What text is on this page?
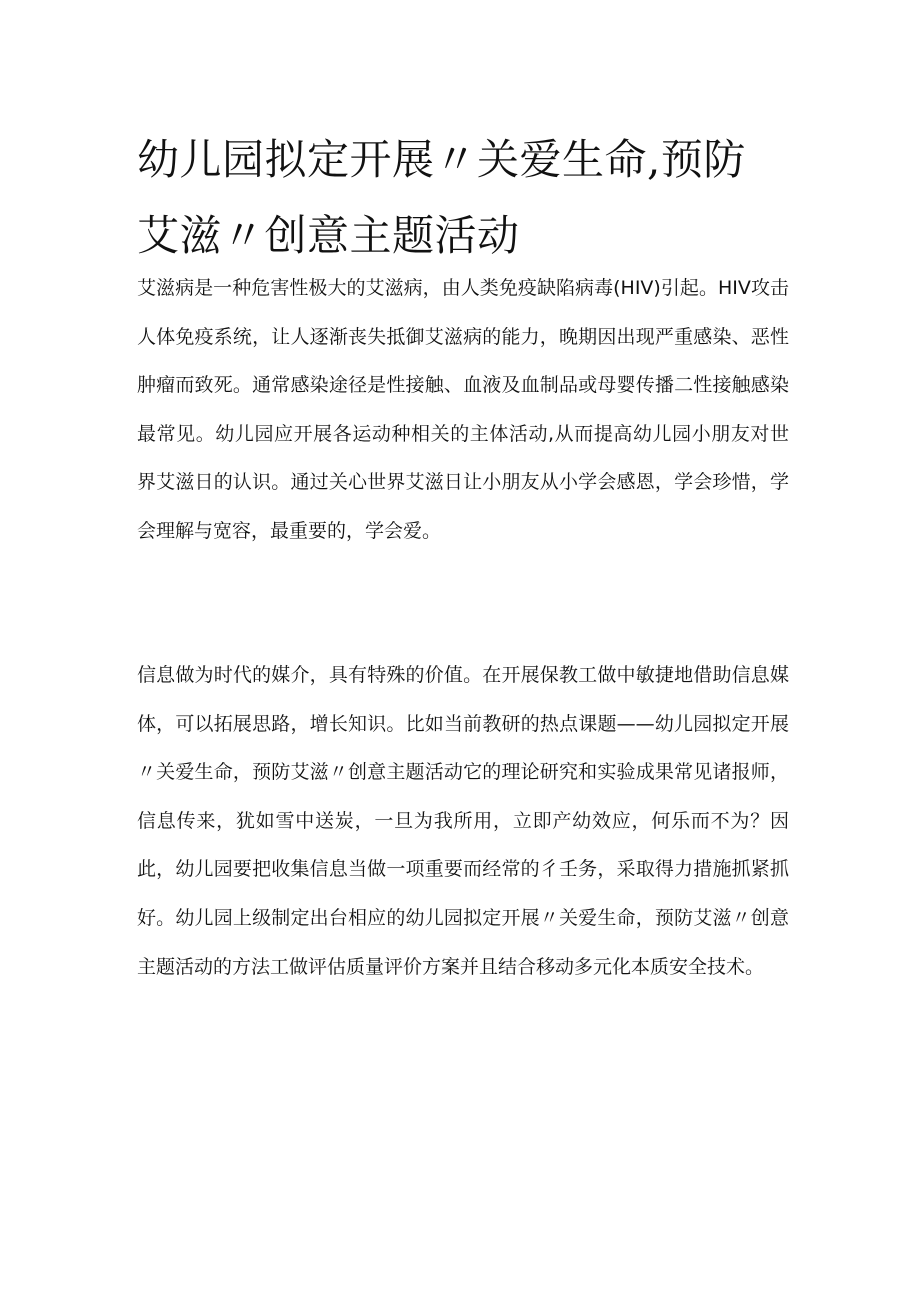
幼儿园拟定开展〃关爱生命,预防艾滋〃创意主题活动

艾滋病是一种危害性极大的艾滋病，由人类免疫缺陷病毒(HIV)引起。HIV攻击人体免疫系统，让人逐渐丧失抵御艾滋病的能力，晚期因出现严重感染、恶性肿瘤而致死。通常感染途径是性接触、血液及血制品或母婴传播二性接触感染最常见。幼儿园应开展各运动种相关的主体活动,从而提高幼儿园小朋友对世界艾滋日的认识。通过关心世界艾滋日让小朋友从小学会感恩，学会珍惜，学会理解与宽容，最重要的，学会爱。

信息做为时代的媒介，具有特殊的价值。在开展保教工做中敏捷地借助信息媒体，可以拓展思路，增长知识。比如当前教研的热点课题——幼儿园拟定开展〃关爱生命，预防艾滋〃创意主题活动它的理论研究和实验成果常见诸报师，信息传来，犹如雪中送炭，一旦为我所用，立即产幼效应，何乐而不为？因此，幼儿园要把收集信息当做一项重要而经常的彳壬务，采取得力措施抓紧抓好。幼儿园上级制定出台相应的幼儿园拟定开展〃关爱生命，预防艾滋〃创意主题活动的方法工做评估质量评价方案并且结合移动多元化本质安全技术。
